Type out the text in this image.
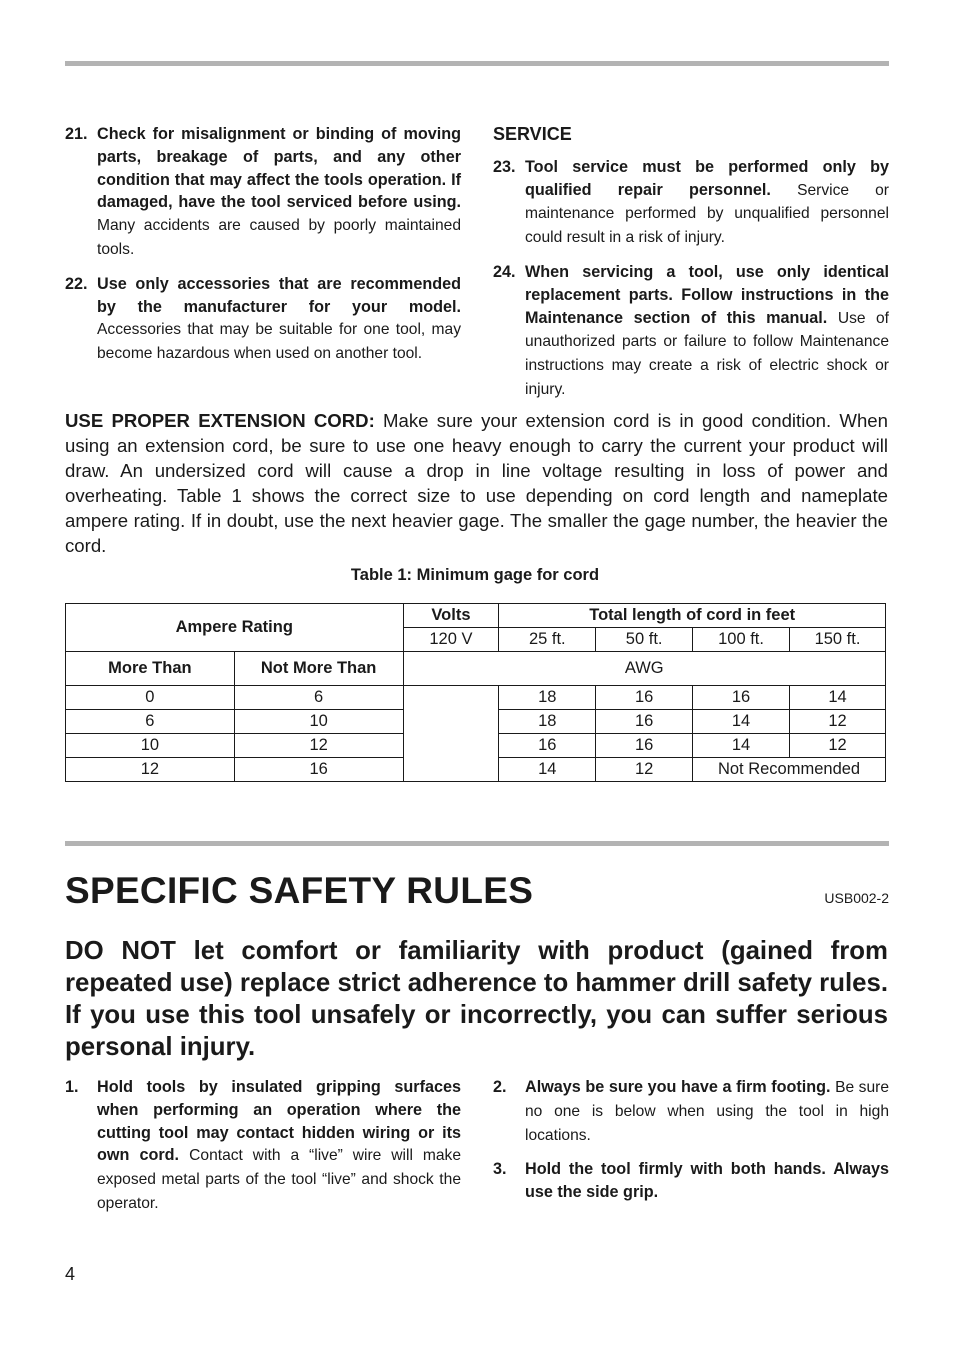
21. Check for misalignment or binding of moving parts, breakage of parts, and any other condition that may affect the tools operation. If damaged, have the tool serviced before using. Many accidents are caused by poorly maintained tools.
22. Use only accessories that are recommended by the manufacturer for your model. Accessories that may be suitable for one tool, may become hazardous when used on another tool.
SERVICE
23. Tool service must be performed only by qualified repair personnel. Service or maintenance performed by unqualified personnel could result in a risk of injury.
24. When servicing a tool, use only identical replacement parts. Follow instructions in the Maintenance section of this manual. Use of unauthorized parts or failure to follow Maintenance instructions may create a risk of electric shock or injury.
USE PROPER EXTENSION CORD: Make sure your extension cord is in good condition. When using an extension cord, be sure to use one heavy enough to carry the current your product will draw. An undersized cord will cause a drop in line voltage resulting in loss of power and overheating. Table 1 shows the correct size to use depending on cord length and nameplate ampere rating. If in doubt, use the next heavier gage. The smaller the gage number, the heavier the cord.
Table 1: Minimum gage for cord
Ampere Rating		Volts	Total length of cord in feet			
		120 V	25 ft.	50 ft.	100 ft.	150 ft.
More Than	Not More Than	AWG				
0	6		18	16	16	14
6	10		18	16	14	12
10	12		16	16	14	12
12	16		14	12	Not Recommended	
SPECIFIC SAFETY RULES	USB002-2
DO NOT let comfort or familiarity with product (gained from repeated use) replace strict adherence to hammer drill safety rules. If you use this tool unsafely or incorrectly, you can suffer serious personal injury.
1.	Hold tools by insulated gripping surfaces when performing an operation where the cutting tool may contact hidden wiring or its own cord. Contact with a “live” wire will make exposed metal parts of the tool “live” and shock the operator.
2.	Always be sure you have a firm footing. Be sure no one is below when using the tool in high locations.
3.	Hold the tool firmly with both hands. Always use the side grip.
4
